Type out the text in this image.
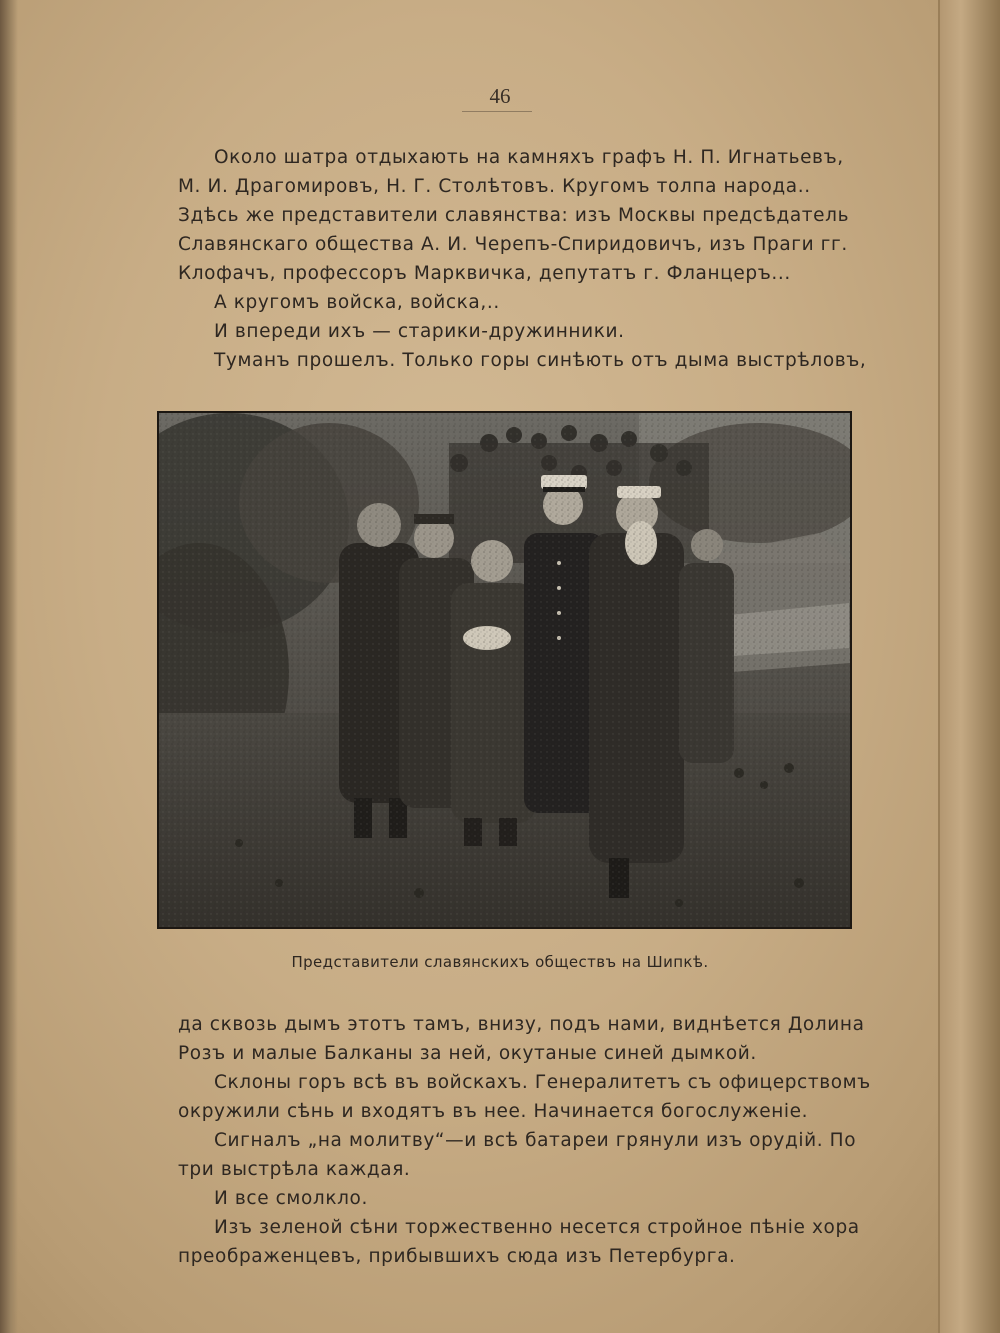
46
Около шатра отдыхають на камняхъ графъ Н. П. Игнатьевъ,
М. И. Драгомировъ, Н. Г. Столѣтовъ. Кругомъ толпа народа..
Здѣсь же представители славянства: изъ Москвы предсѣдатель
Славянскаго общества А. И. Черепъ-Спиридовичъ, изъ Праги гг.
Клофачъ, профессоръ Марквичка, депутатъ г. Фланцеръ...
А кругомъ войска, войска,..
И впереди ихъ — старики-дружинники.
Туманъ прошелъ. Только горы синѣють отъ дыма выстрѣловъ,
Представители славянскихъ обществъ на Шипкѣ.
да сквозь дымъ этотъ тамъ, внизу, подъ нами, виднѣется Долина
Розъ и малые Балканы за ней, окутаные синей дымкой.
Склоны горъ всѣ въ войскахъ. Генералитетъ съ офицерствомъ
окружили сѣнь и входятъ въ нее. Начинается богослуженіе.
Сигналъ „на молитву“—и всѣ батареи грянули изъ орудій. По
три выстрѣла каждая.
И все смолкло.
Изъ зеленой сѣни торжественно несется стройное пѣніе хора
преображенцевъ, прибывшихъ сюда изъ Петербурга.
